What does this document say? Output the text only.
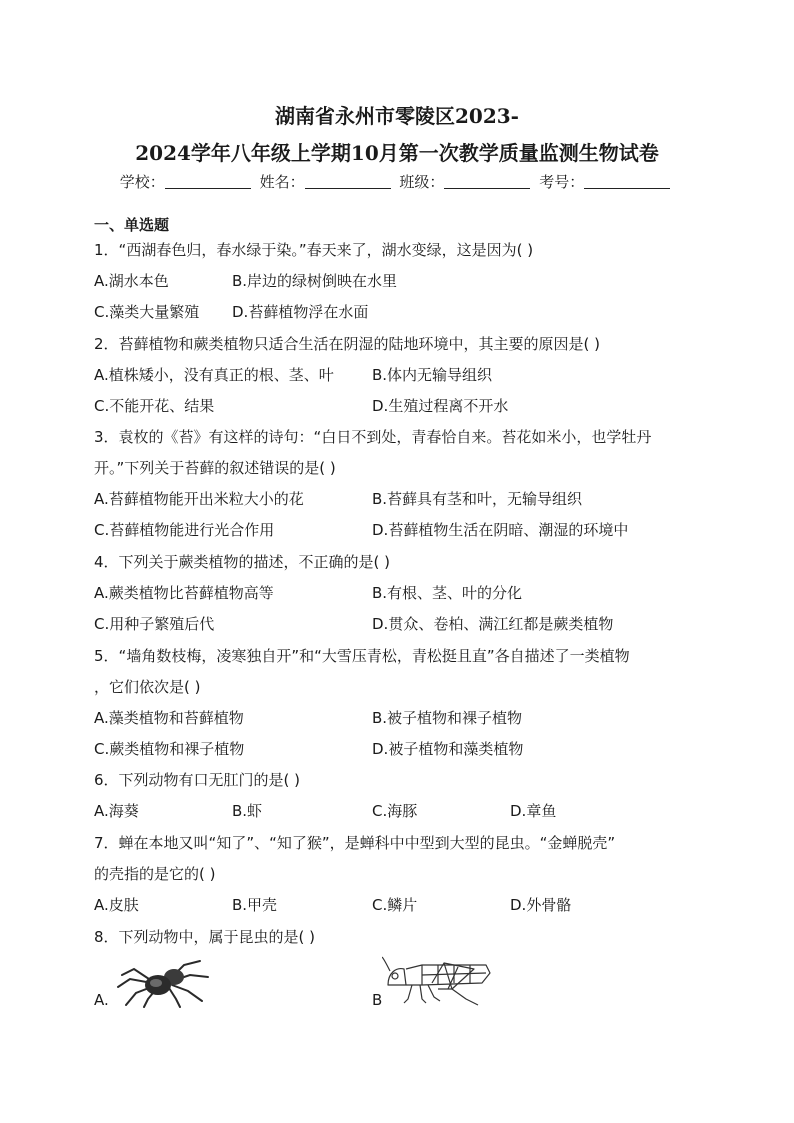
湖南省永州市零陵区2023-
2024学年八年级上学期10月第一次教学质量监测生物试卷
学校：	姓名：	班级：	考号：
一、单选题
1．“西湖春色归，春水绿于染。”春天来了，湖水变绿，这是因为( )
A.湖水本色	B.岸边的绿树倒映在水里
C.藻类大量繁殖 D.苔藓植物浮在水面
2．苔藓植物和蕨类植物只适合生活在阴湿的陆地环境中，其主要的原因是( )
A.植株矮小，没有真正的根、茎、叶	B.体内无输导组织
C.不能开花、结果	D.生殖过程离不开水
3．袁枚的《苔》有这样的诗句：“白日不到处，青春恰自来。苔花如米小，也学牡丹
开。”下列关于苔藓的叙述错误的是( )
A.苔藓植物能开出米粒大小的花	B.苔藓具有茎和叶，无输导组织
C.苔藓植物能进行光合作用	D.苔藓植物生活在阴暗、潮湿的环境中
4．下列关于蕨类植物的描述，不正确的是( )
A.蕨类植物比苔藓植物高等	B.有根、茎、叶的分化
C.用种子繁殖后代	D.贯众、卷柏、满江红都是蕨类植物
5．“墙角数枝梅，凌寒独自开”和“大雪压青松，青松挺且直”各自描述了一类植物
，它们依次是( )
A.藻类植物和苔藓植物	B.被子植物和裸子植物
C.蕨类植物和裸子植物	D.被子植物和藻类植物
6．下列动物有口无肛门的是( )
A.海葵	B.虾	C.海豚	D.章鱼
7．蝉在本地又叫“知了”、“知了猴”，是蝉科中中型到大型的昆虫。“金蝉脱壳”
的壳指的是它的( )
A.皮肤	B.甲壳	C.鳞片	D.外骨骼
8．下列动物中，属于昆虫的是( )
A.	B
